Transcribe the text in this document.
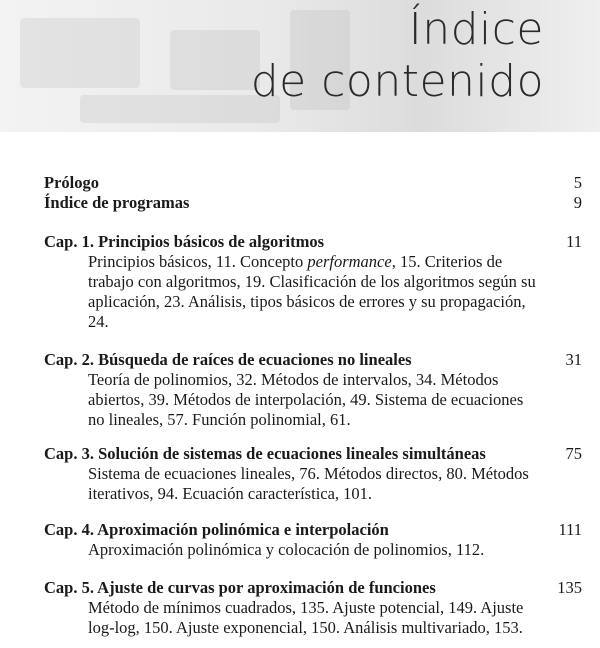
Índice
de contenido
Prólogo	5
Índice de programas	9
Cap. 1. Principios básicos de algoritmos	11
Principios básicos, 11. Concepto performance, 15. Criterios de
trabajo con algoritmos, 19. Clasificación de los algoritmos según su
aplicación, 23. Análisis, tipos básicos de errores y su propagación,
24.
Cap. 2. Búsqueda de raíces de ecuaciones no lineales	31
Teoría de polinomios, 32. Métodos de intervalos, 34. Métodos
abiertos, 39. Métodos de interpolación, 49. Sistema de ecuaciones
no lineales, 57. Función polinomial, 61.
Cap. 3. Solución de sistemas de ecuaciones lineales simultáneas	75
Sistema de ecuaciones lineales, 76. Métodos directos, 80. Métodos
iterativos, 94. Ecuación característica, 101.
Cap. 4. Aproximación polinómica e interpolación	111
Aproximación polinómica y colocación de polinomios, 112.
Cap. 5. Ajuste de curvas por aproximación de funciones	135
Método de mínimos cuadrados, 135. Ajuste potencial, 149. Ajuste
log-log, 150. Ajuste exponencial, 150. Análisis multivariado, 153.
